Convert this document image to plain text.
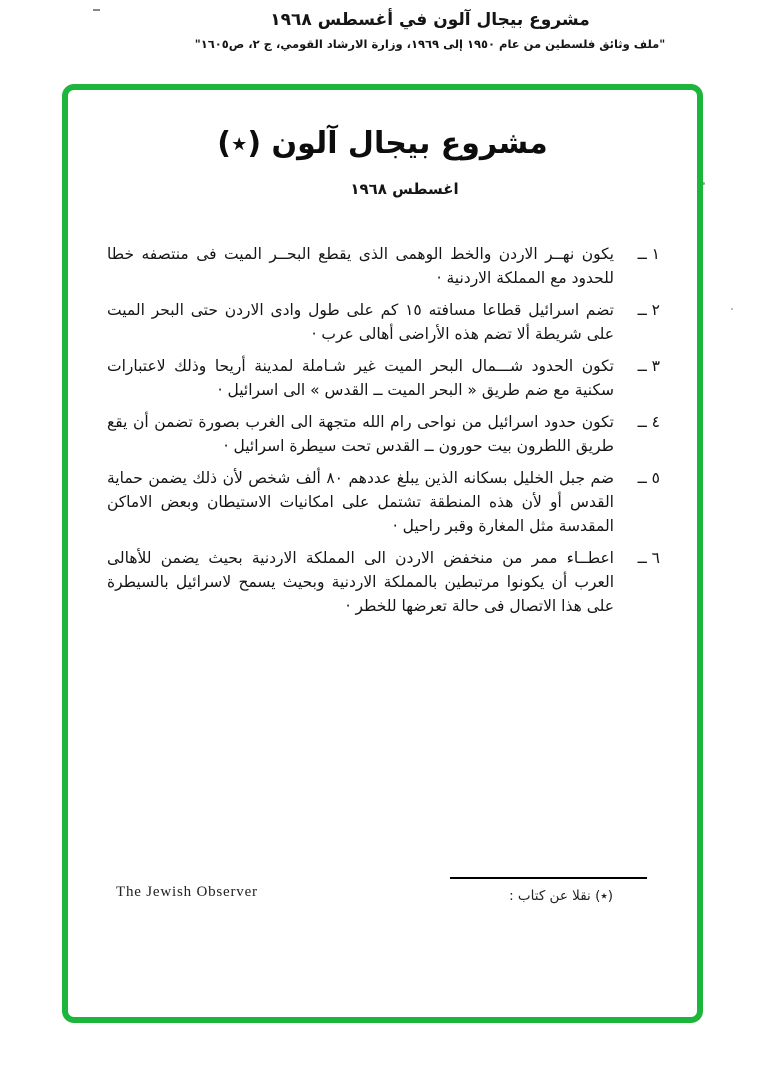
مشروع بيجال آلون في أغسطس ١٩٦٨
"ملف وثائق فلسطين من عام ١٩٥٠ إلى ١٩٦٩، وزارة الارشاد القومي، ج ٢، ص١٦٠٥"
مشروع بيجال آلون (٭)
اغسطس ١٩٦٨
١ ــ
يكون نهــر الاردن والخط الوهمى الذى يقطع البحــر الميت فى منتصفه خطا للحدود مع المملكة الاردنية ·
٢ ــ
تضم اسرائيل قطاعا مسافته ١٥ كم على طول وادى الاردن حتى البحر الميت على شريطة ألا تضم هذه الأراضى أهالى عرب ·
٣ ــ
تكون الحدود شـــمال البحر الميت غير شـاملة لمدينة أريحا وذلك لاعتبارات سكنية مع ضم طريق « البحر الميت ــ القدس » الى اسرائيل ·
٤ ــ
تكون حدود اسرائيل من نواحى رام الله متجهة الى الغرب بصورة تضمن أن يقع طريق اللطرون بيت حورون ــ القدس تحت سيطرة اسرائيل ·
٥ ــ
ضم جبل الخليل بسكانه الذين يبلغ عددهم ٨٠ ألف شخص لأن ذلك يضمن حماية القدس أو لأن هذه المنطقة تشتمل على امكانيات الاستيطان وبعض الاماكن المقدسة مثل المغارة وقبر راحيل ·
٦ ــ
اعطــاء ممر من منخفض الاردن الى المملكة الاردنية بحيث يضمن للأهالى العرب أن يكونوا مرتبطين بالمملكة الاردنية وبحيث يسمح لاسرائيل بالسيطرة على هذا الاتصال فى حالة تعرضها للخطر ·
The Jewish Observer	(٭) نقلا عن كتاب :
